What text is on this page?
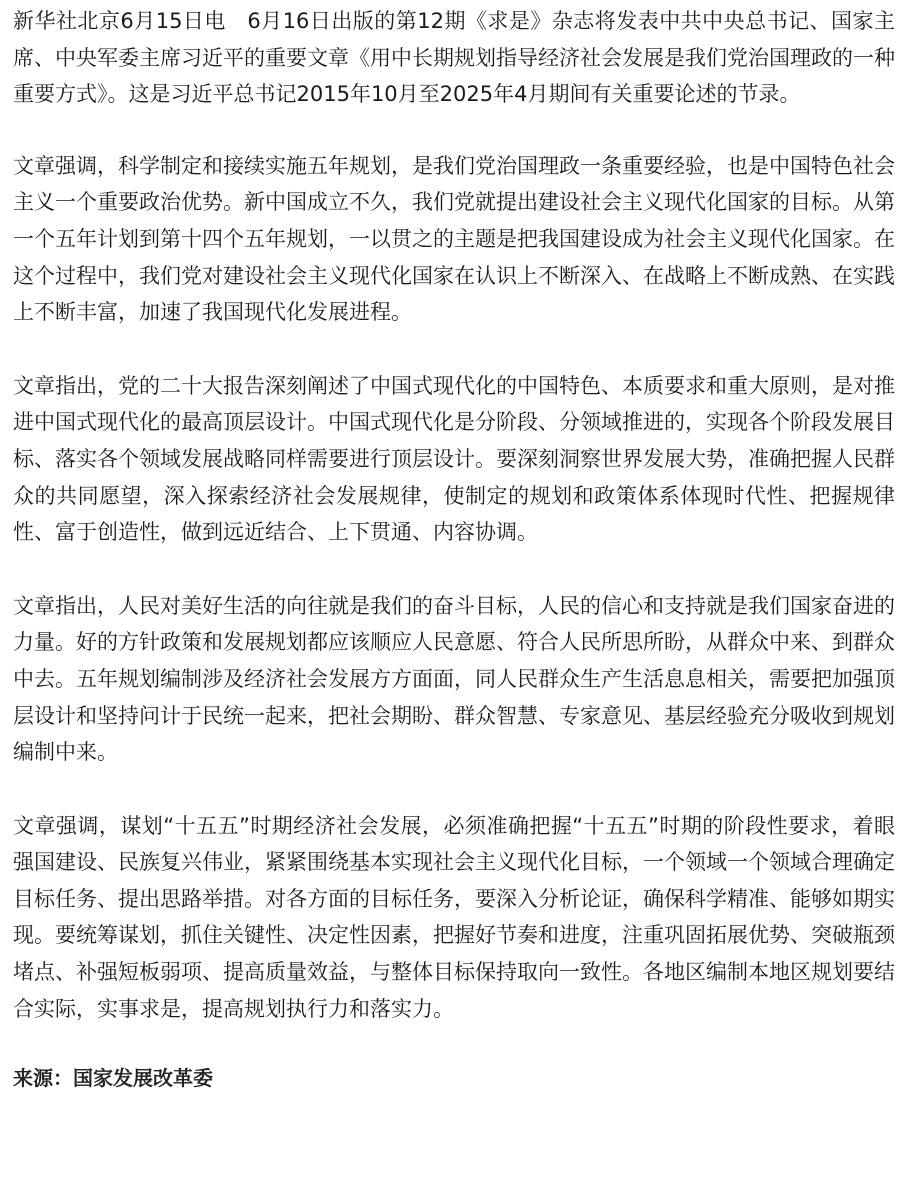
新华社北京6月15日电　6月16日出版的第12期《求是》杂志将发表中共中央总书记、国家主席、中央军委主席习近平的重要文章《用中长期规划指导经济社会发展是我们党治国理政的一种重要方式》。这是习近平总书记2015年10月至2025年4月期间有关重要论述的节录。

文章强调，科学制定和接续实施五年规划，是我们党治国理政一条重要经验，也是中国特色社会主义一个重要政治优势。新中国成立不久，我们党就提出建设社会主义现代化国家的目标。从第一个五年计划到第十四个五年规划，一以贯之的主题是把我国建设成为社会主义现代化国家。在这个过程中，我们党对建设社会主义现代化国家在认识上不断深入、在战略上不断成熟、在实践上不断丰富，加速了我国现代化发展进程。

文章指出，党的二十大报告深刻阐述了中国式现代化的中国特色、本质要求和重大原则，是对推进中国式现代化的最高顶层设计。中国式现代化是分阶段、分领域推进的，实现各个阶段发展目标、落实各个领域发展战略同样需要进行顶层设计。要深刻洞察世界发展大势，准确把握人民群众的共同愿望，深入探索经济社会发展规律，使制定的规划和政策体系体现时代性、把握规律性、富于创造性，做到远近结合、上下贯通、内容协调。

文章指出，人民对美好生活的向往就是我们的奋斗目标，人民的信心和支持就是我们国家奋进的力量。好的方针政策和发展规划都应该顺应人民意愿、符合人民所思所盼，从群众中来、到群众中去。五年规划编制涉及经济社会发展方方面面，同人民群众生产生活息息相关，需要把加强顶层设计和坚持问计于民统一起来，把社会期盼、群众智慧、专家意见、基层经验充分吸收到规划编制中来。

文章强调，谋划“十五五”时期经济社会发展，必须准确把握“十五五”时期的阶段性要求，着眼强国建设、民族复兴伟业，紧紧围绕基本实现社会主义现代化目标，一个领域一个领域合理确定目标任务、提出思路举措。对各方面的目标任务，要深入分析论证，确保科学精准、能够如期实现。要统筹谋划，抓住关键性、决定性因素，把握好节奏和进度，注重巩固拓展优势、突破瓶颈堵点、补强短板弱项、提高质量效益，与整体目标保持取向一致性。各地区编制本地区规划要结合实际，实事求是，提高规划执行力和落实力。

来源：国家发展改革委
